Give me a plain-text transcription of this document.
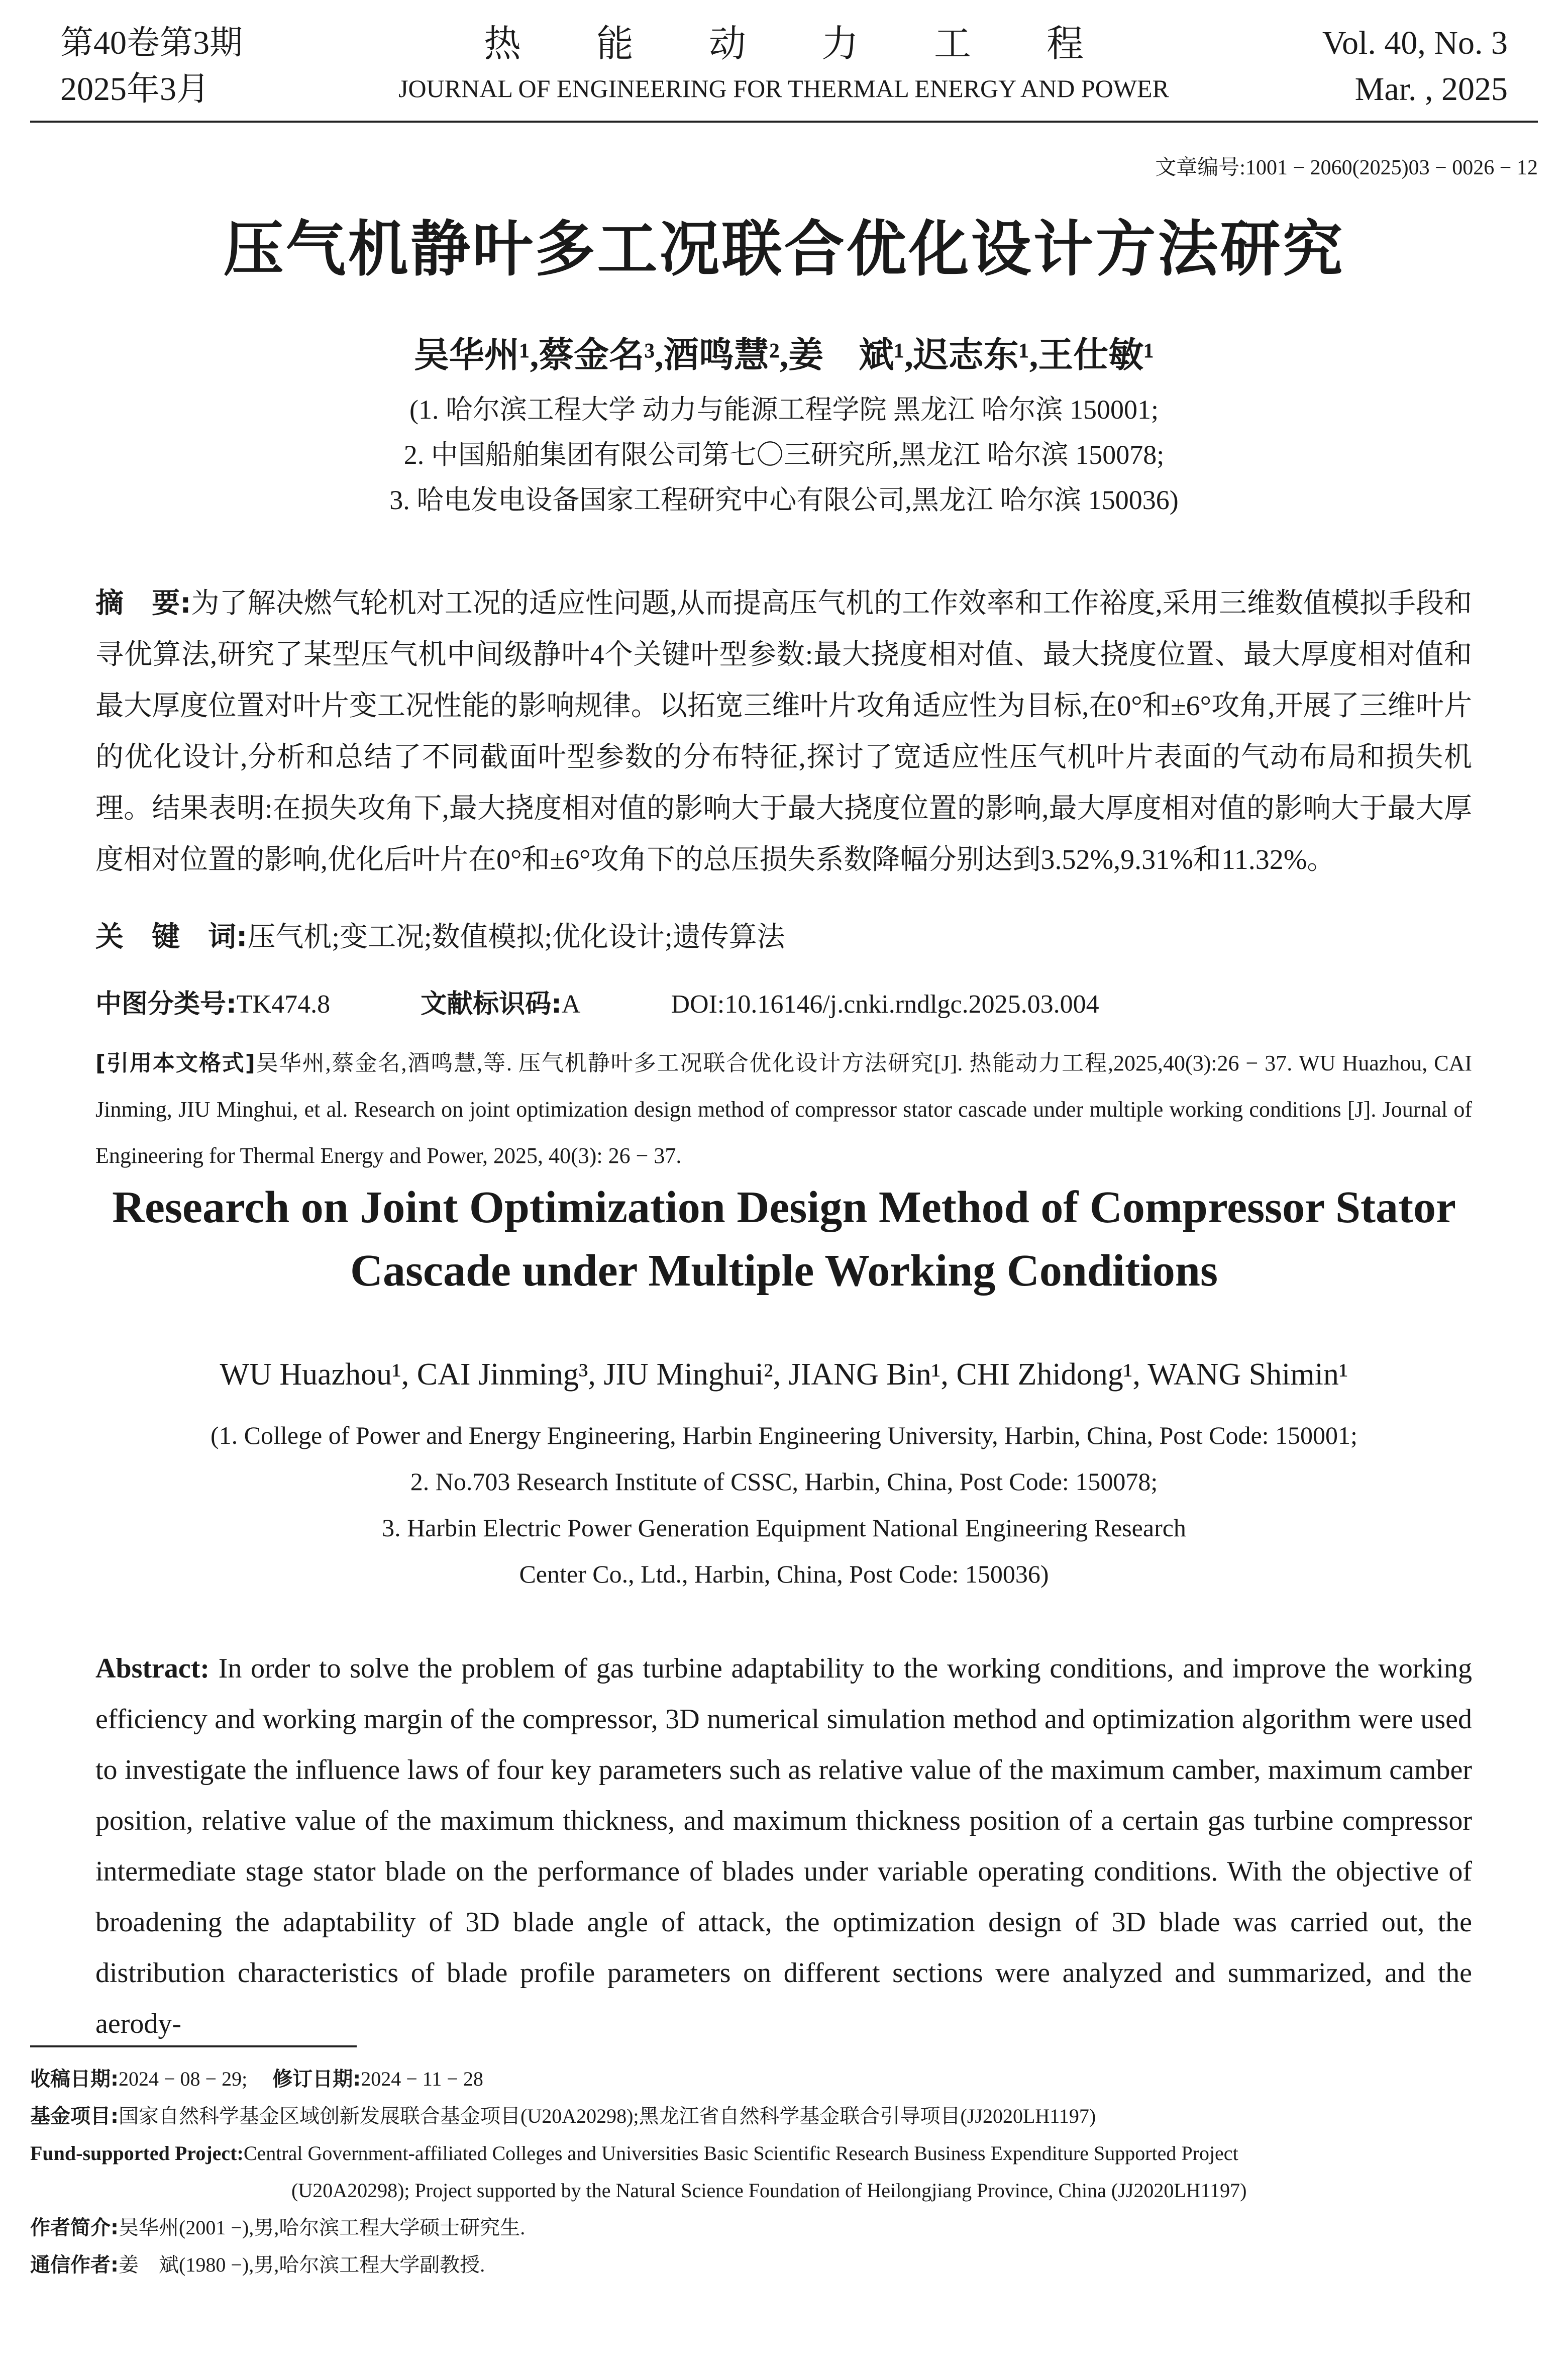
第40卷第3期
2025年3月
热能动力工程
JOURNAL OF ENGINEERING FOR THERMAL ENERGY AND POWER
Vol. 40, No. 3
Mar. , 2025
文章编号:1001 − 2060(2025)03 − 0026 − 12
压气机静叶多工况联合优化设计方法研究
吴华州¹,蔡金名³,酒鸣慧²,姜　斌¹,迟志东¹,王仕敏¹
(1. 哈尔滨工程大学 动力与能源工程学院 黑龙江 哈尔滨 150001;
2. 中国船舶集团有限公司第七〇三研究所,黑龙江 哈尔滨 150078;
3. 哈电发电设备国家工程研究中心有限公司,黑龙江 哈尔滨 150036)
摘　要:为了解决燃气轮机对工况的适应性问题,从而提高压气机的工作效率和工作裕度,采用三维数值模拟手段和寻优算法,研究了某型压气机中间级静叶4个关键叶型参数:最大挠度相对值、最大挠度位置、最大厚度相对值和最大厚度位置对叶片变工况性能的影响规律。以拓宽三维叶片攻角适应性为目标,在0°和±6°攻角,开展了三维叶片的优化设计,分析和总结了不同截面叶型参数的分布特征,探讨了宽适应性压气机叶片表面的气动布局和损失机理。结果表明:在损失攻角下,最大挠度相对值的影响大于最大挠度位置的影响,最大厚度相对值的影响大于最大厚度相对位置的影响,优化后叶片在0°和±6°攻角下的总压损失系数降幅分别达到3.52%,9.31%和11.32%。
关　键　词:压气机;变工况;数值模拟;优化设计;遗传算法
中图分类号:TK474.8	文献标识码:A	DOI:10.16146/j.cnki.rndlgc.2025.03.004
[引用本文格式]吴华州,蔡金名,酒鸣慧,等. 压气机静叶多工况联合优化设计方法研究[J]. 热能动力工程,2025,40(3):26 − 37. WU Huazhou, CAI Jinming, JIU Minghui, et al. Research on joint optimization design method of compressor stator cascade under multiple working conditions [J]. Journal of Engineering for Thermal Energy and Power, 2025, 40(3): 26 − 37.
Research on Joint Optimization Design Method of Compressor Stator
Cascade under Multiple Working Conditions
WU Huazhou¹, CAI Jinming³, JIU Minghui², JIANG Bin¹, CHI Zhidong¹, WANG Shimin¹
(1. College of Power and Energy Engineering, Harbin Engineering University, Harbin, China, Post Code: 150001;
2. No.703 Research Institute of CSSC, Harbin, China, Post Code: 150078;
3. Harbin Electric Power Generation Equipment National Engineering Research
Center Co., Ltd., Harbin, China, Post Code: 150036)
Abstract: In order to solve the problem of gas turbine adaptability to the working conditions, and improve the working efficiency and working margin of the compressor, 3D numerical simulation method and optimization algorithm were used to investigate the influence laws of four key parameters such as relative value of the maximum camber, maximum camber position, relative value of the maximum thickness, and maximum thickness position of a certain gas turbine compressor intermediate stage stator blade on the performance of blades under variable operating conditions. With the objective of broadening the adaptability of 3D blade angle of attack, the optimization design of 3D blade was carried out, the distribution characteristics of blade profile parameters on different sections were analyzed and summarized, and the aerody-
收稿日期:2024 − 08 − 29; 修订日期:2024 − 11 − 28
基金项目:国家自然科学基金区域创新发展联合基金项目(U20A20298);黑龙江省自然科学基金联合引导项目(JJ2020LH1197)
Fund-supported Project:Central Government-affiliated Colleges and Universities Basic Scientific Research Business Expenditure Supported Project
(U20A20298); Project supported by the Natural Science Foundation of Heilongjiang Province, China (JJ2020LH1197)
作者简介:吴华州(2001 −),男,哈尔滨工程大学硕士研究生.
通信作者:姜　斌(1980 −),男,哈尔滨工程大学副教授.
